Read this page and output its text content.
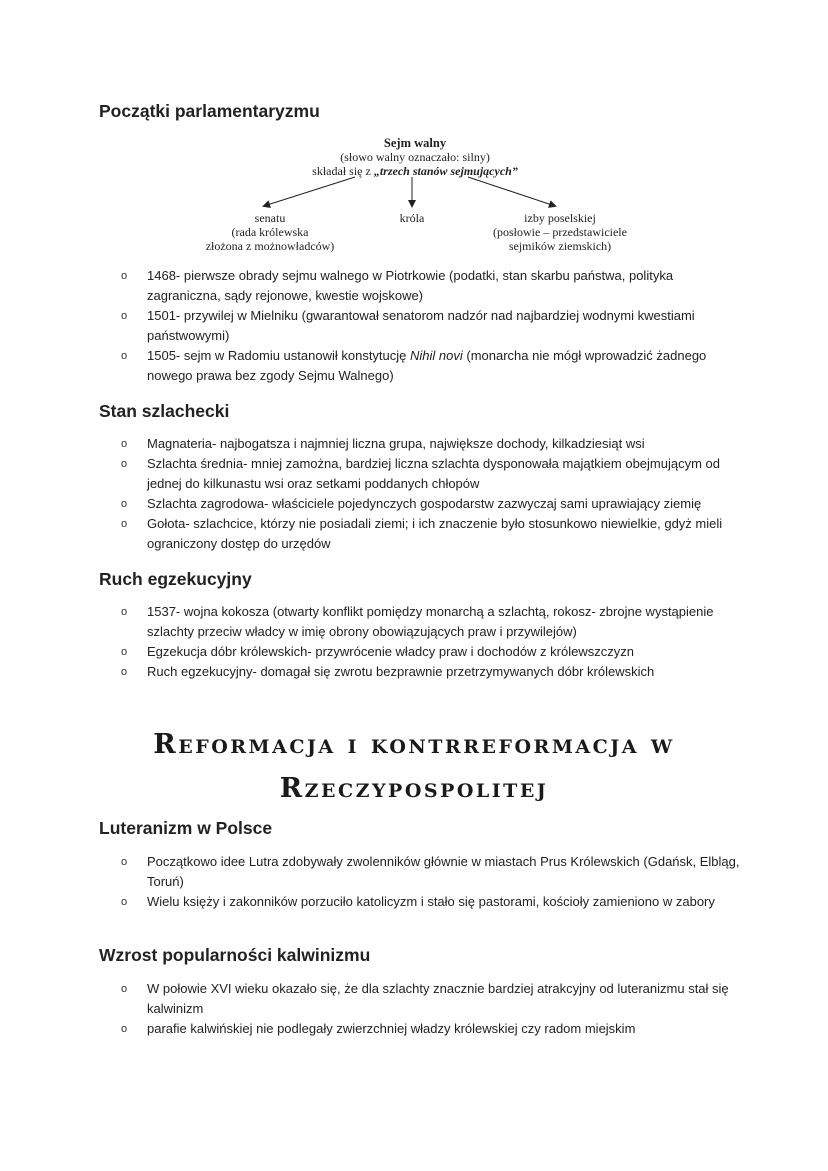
Początki parlamentaryzmu
Sejm walny
(słowo walny oznaczało: silny)
składał się z „trzech stanów sejmujących”
senatu
(rada królewska
złożona z możnowładców)
króla	izby poselskiej
(posłowie – przedstawiciele
sejmików ziemskich)
o 1468- pierwsze obrady sejmu walnego w Piotrkowie (podatki, stan skarbu państwa, polityka zagraniczna, sądy rejonowe, kwestie wojskowe)
o 1501- przywilej w Mielniku (gwarantował senatorom nadzór nad najbardziej wodnymi kwestiami państwowymi)
o 1505- sejm w Radomiu ustanowił konstytucję Nihil novi (monarcha nie mógł wprowadzić żadnego nowego prawa bez zgody Sejmu Walnego)
Stan szlachecki
o Magnateria- najbogatsza i najmniej liczna grupa, największe dochody, kilkadziesiąt wsi
o Szlachta średnia- mniej zamożna, bardziej liczna szlachta dysponowała majątkiem obejmującym od jednej do kilkunastu wsi oraz setkami poddanych chłopów
o Szlachta zagrodowa- właściciele pojedynczych gospodarstw zazwyczaj sami uprawiający ziemię
o Gołota- szlachcice, którzy nie posiadali ziemi; i ich znaczenie było stosunkowo niewielkie, gdyż mieli ograniczony dostęp do urzędów
Ruch egzekucyjny
o 1537- wojna kokosza (otwarty konflikt pomiędzy monarchą a szlachtą, rokosz- zbrojne wystąpienie szlachty przeciw władcy w imię obrony obowiązujących praw i przywilejów)
o Egzekucja dóbr królewskich- przywrócenie władcy praw i dochodów z królewszczyzn
o Ruch egzekucyjny- domagał się zwrotu bezprawnie przetrzymywanych dóbr królewskich
Reformacja i kontrreformacja w
Rzeczypospolitej
Luteranizm w Polsce
o Początkowo idee Lutra zdobywały zwolenników głównie w miastach Prus Królewskich (Gdańsk, Elbląg, Toruń)
o Wielu księży i zakonników porzuciło katolicyzm i stało się pastorami, kościoły zamieniono w zabory
Wzrost popularności kalwinizmu
o W połowie XVI wieku okazało się, że dla szlachty znacznie bardziej atrakcyjny od luteranizmu stał się kalwinizm
o parafie kalwińskiej nie podlegały zwierzchniej władzy królewskiej czy radom miejskim
